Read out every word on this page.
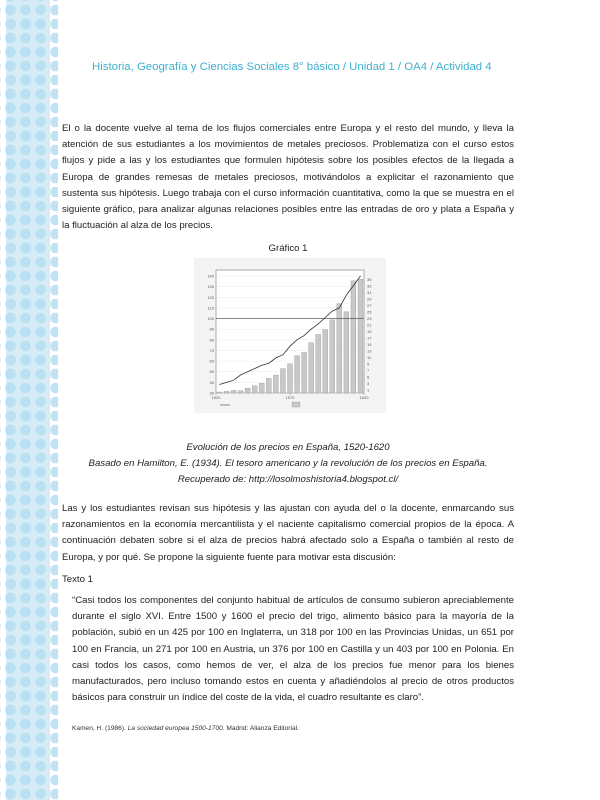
Historia, Geografía y Ciencias Sociales 8° básico / Unidad 1 / OA4 / Actividad 4

El o la docente vuelve al tema de los flujos comerciales entre Europa y el resto del mundo, y lleva la atención de sus estudiantes a los movimientos de metales preciosos. Problematiza con el curso estos flujos y pide a las y los estudiantes que formulen hipótesis sobre los posibles efectos de la llegada a Europa de grandes remesas de metales preciosos, motivándolos a explicitar el razonamiento que sustenta sus hipótesis. Luego trabaja con el curso información cuantitativa, como la que se muestra en el siguiente gráfico, para analizar algunas relaciones posibles entre las entradas de oro y plata a España y la fluctuación al alza de los precios.

Gráfico 1
30
40
50
60
70
80
90
100
110
120
130
140
1
3
5
7
9
11
13
15
17
19
21
23
25
27
29
31
33
35
1520	1570	1620
Evolución de los precios en España, 1520-1620
Basado en Hamilton, E. (1934). El tesoro americano y la revolución de los precios en España.
Recuperado de: http://losolmoshistoria4.blogspot.cl/

Las y los estudiantes revisan sus hipótesis y las ajustan con ayuda del o la docente, enmarcando sus razonamientos en la economía mercantilista y el naciente capitalismo comercial propios de la época. A continuación debaten sobre si el alza de precios habrá afectado solo a España o también al resto de Europa, y por qué. Se propone la siguiente fuente para motivar esta discusión:

Texto 1

“Casi todos los componentes del conjunto habitual de artículos de consumo subieron apreciablemente durante el siglo XVI. Entre 1500 y 1600 el precio del trigo, alimento básico para la mayoría de la población, subió en un 425 por 100 en Inglaterra, un 318 por 100 en las Provincias Unidas, un 651 por 100 en Francia, un 271 por 100 en Austria, un 376 por 100 en Castilla y un 403 por 100 en Polonia. En casi todos los casos, como hemos de ver, el alza de los precios fue menor para los bienes manufacturados, pero incluso tomando estos en cuenta y añadiéndolos al precio de otros productos básicos para construir un índice del coste de la vida, el cuadro resultante es claro”.

Kamen, H. (1986). La sociedad europea 1500-1700. Madrid: Alianza Editorial.
